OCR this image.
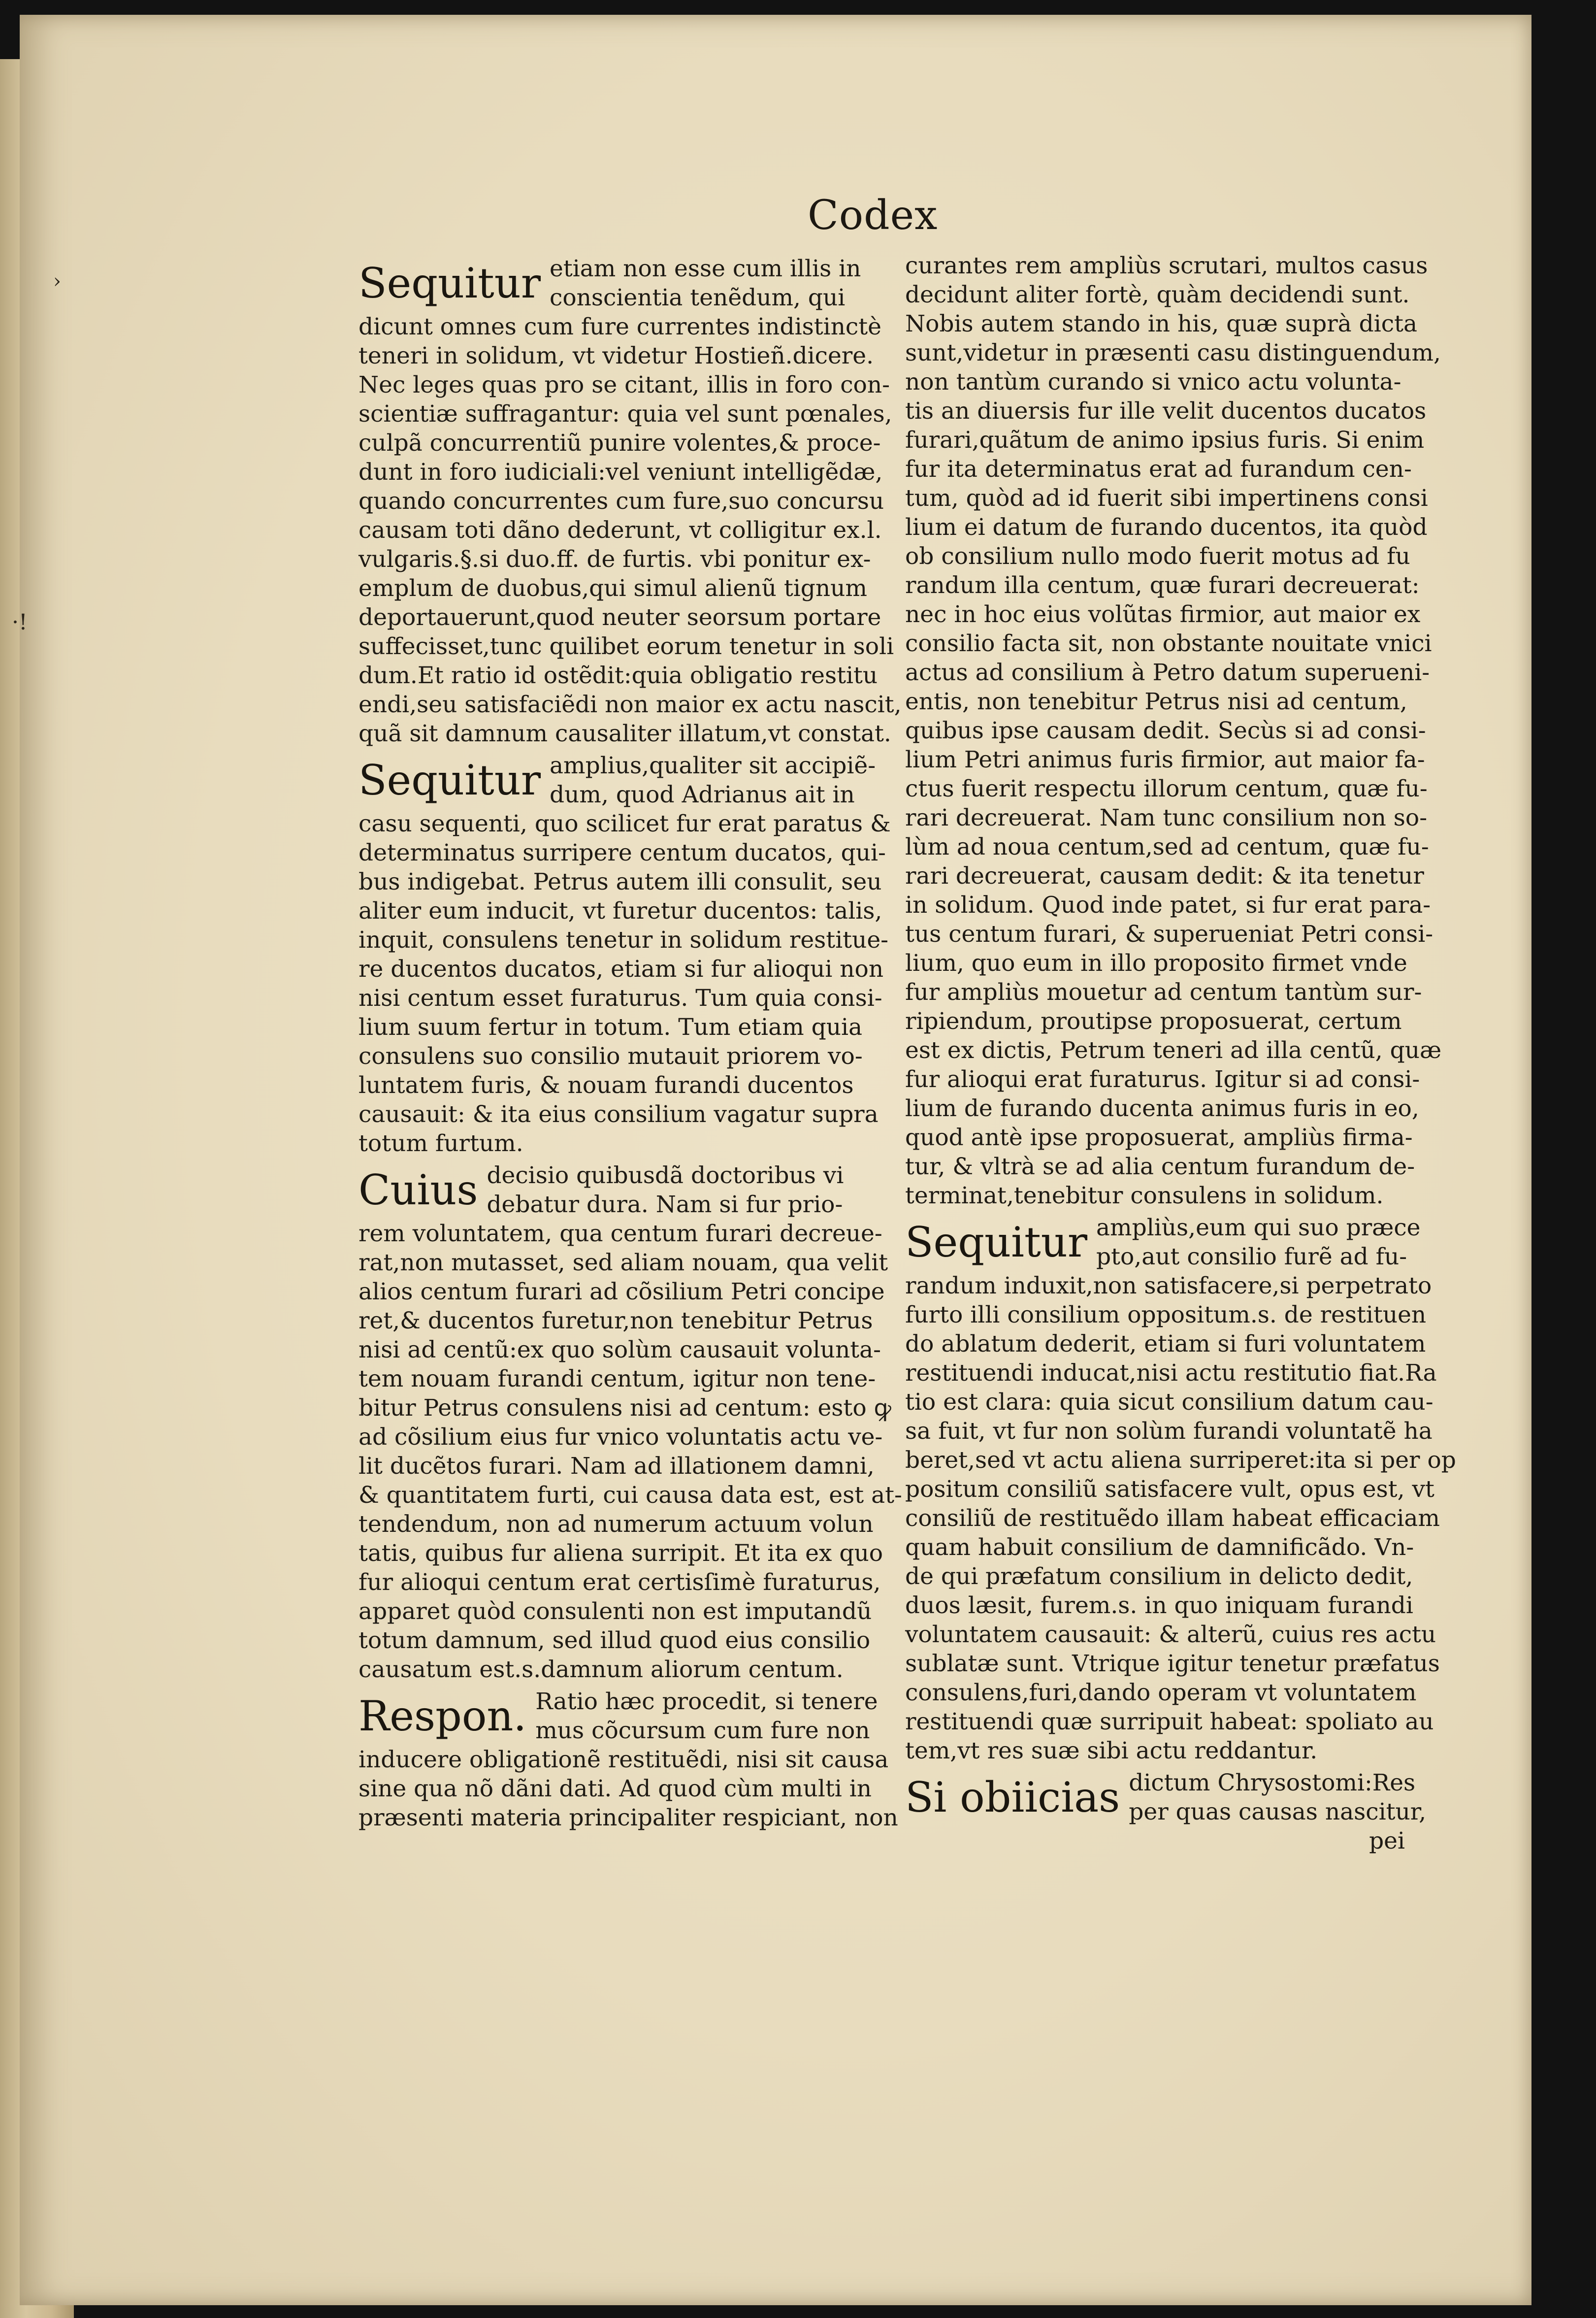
Codex
›
·!
Sequitur etiam non esse cum illis in
conscientia tenẽdum, qui
dicunt omnes cum fure currentes indistinctè
teneri in solidum, vt videtur Hostieñ.dicere.
Nec leges quas pro se citant, illis in foro con-
scientiæ suffragantur: quia vel sunt pœnales,
culpã concurrentiũ punire volentes,& proce-
dunt in foro iudiciali:vel veniunt intelligẽdæ,
quando concurrentes cum fure,suo concursu
causam toti dãno dederunt, vt colligitur ex.l.
vulgaris.§.si duo.ff. de furtis. vbi ponitur ex-
emplum de duobus,qui simul alienũ tignum
deportauerunt,quod neuter seorsum portare
suffecisset,tunc quilibet eorum tenetur in soli
dum.Et ratio id ostẽdit:quia obligatio restitu
endi,seu satisfaciẽdi non maior ex actu nascit,
quã sit damnum causaliter illatum,vt constat.
Sequitur amplius,qualiter sit accipiẽ-
dum, quod Adrianus ait in
casu sequenti, quo scilicet fur erat paratus &
determinatus surripere centum ducatos, qui-
bus indigebat. Petrus autem illi consulit, seu
aliter eum inducit, vt furetur ducentos: talis,
inquit, consulens tenetur in solidum restitue-
re ducentos ducatos, etiam si fur alioqui non
nisi centum esset furaturus. Tum quia consi-
lium suum fertur in totum. Tum etiam quia
consulens suo consilio mutauit priorem vo-
luntatem furis, & nouam furandi ducentos
causauit: & ita eius consilium vagatur supra
totum furtum.
Cuius decisio quibusdã doctoribus vi
debatur dura. Nam si fur prio-
rem voluntatem, qua centum furari decreue-
rat,non mutasset, sed aliam nouam, qua velit
alios centum furari ad cõsilium Petri concipe
ret,& ducentos furetur,non tenebitur Petrus
nisi ad centũ:ex quo solùm causauit volunta-
tem nouam furandi centum, igitur non tene-
bitur Petrus consulens nisi ad centum: esto ꝙ
ad cõsilium eius fur vnico voluntatis actu ve-
lit ducẽtos furari. Nam ad illationem damni,
& quantitatem furti, cui causa data est, est at-
tendendum, non ad numerum actuum volun
tatis, quibus fur aliena surripit. Et ita ex quo
fur alioqui centum erat certisſimè furaturus,
apparet quòd consulenti non est imputandũ
totum damnum, sed illud quod eius consilio
causatum est.s.damnum aliorum centum.
Respon. Ratio hæc procedit, si tenere
mus cõcursum cum fure non
inducere obligationẽ restituẽdi, nisi sit causa
sine qua nõ dãni dati. Ad quod cùm multi in
præsenti materia principaliter respiciant, non
curantes rem ampliùs scrutari, multos casus
decidunt aliter fortè, quàm decidendi sunt.
Nobis autem stando in his, quæ suprà dicta
sunt,videtur in præsenti casu distinguendum,
non tantùm curando si vnico actu volunta-
tis an diuersis fur ille velit ducentos ducatos
furari,quãtum de animo ipsius furis. Si enim
fur ita determinatus erat ad furandum cen-
tum, quòd ad id fuerit sibi impertinens consi
lium ei datum de furando ducentos, ita quòd
ob consilium nullo modo fuerit motus ad fu
randum illa centum, quæ furari decreuerat:
nec in hoc eius volũtas firmior, aut maior ex
consilio facta sit, non obstante nouitate vnici
actus ad consilium à Petro datum superueni-
entis, non tenebitur Petrus nisi ad centum,
quibus ipse causam dedit. Secùs si ad consi-
lium Petri animus furis firmior, aut maior fa-
ctus fuerit respectu illorum centum, quæ fu-
rari decreuerat. Nam tunc consilium non so-
lùm ad noua centum,sed ad centum, quæ fu-
rari decreuerat, causam dedit: & ita tenetur
in solidum. Quod inde patet, si fur erat para-
tus centum furari, & superueniat Petri consi-
lium, quo eum in illo proposito firmet vnde
fur ampliùs mouetur ad centum tantùm sur-
ripiendum, proutipse proposuerat, certum
est ex dictis, Petrum teneri ad illa centũ, quæ
fur alioqui erat furaturus. Igitur si ad consi-
lium de furando ducenta animus furis in eo,
quod antè ipse proposuerat, ampliùs firma-
tur, & vltrà se ad alia centum furandum de-
terminat,tenebitur consulens in solidum.
Sequitur ampliùs,eum qui suo præce
pto,aut consilio furẽ ad fu-
randum induxit,non satisfacere,si perpetrato
furto illi consilium oppositum.s. de restituen
do ablatum dederit, etiam si furi voluntatem
restituendi inducat,nisi actu restitutio fiat.Ra
tio est clara: quia sicut consilium datum cau-
sa fuit, vt fur non solùm furandi voluntatẽ ha
beret,sed vt actu aliena surriperet:ita si per op
positum consiliũ satisfacere vult, opus est, vt
consiliũ de restituẽdo illam habeat efficaciam
quam habuit consilium de damnificãdo. Vn-
de qui præfatum consilium in delicto dedit,
duos læsit, furem.s. in quo iniquam furandi
voluntatem causauit: & alterũ, cuius res actu
sublatæ sunt. Vtrique igitur tenetur præfatus
consulens,furi,dando operam vt voluntatem
restituendi quæ surripuit habeat: spoliato au
tem,vt res suæ sibi actu reddantur.
Si obiicias dictum Chrysostomi:Res
per quas causas nascitur,
pei
